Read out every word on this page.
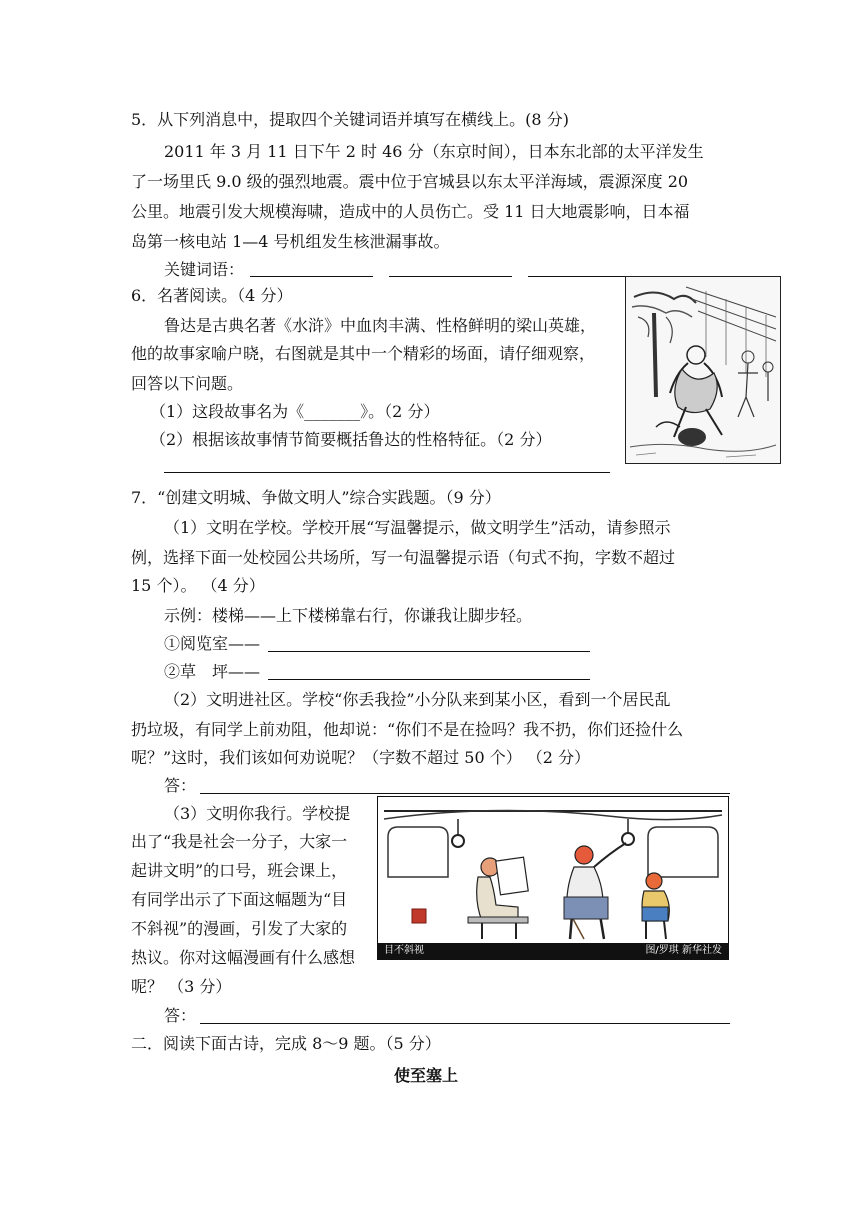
5．从下列消息中，提取四个关键词语并填写在横线上。(8 分)
2011 年 3 月 11 日下午 2 时 46 分（东京时间），日本东北部的太平洋发生
了一场里氏 9.0 级的强烈地震。震中位于宫城县以东太平洋海域，震源深度 20
公里。地震引发大规模海啸，造成中的人员伤亡。受 11 日大地震影响，日本福
岛第一核电站 1—4 号机组发生核泄漏事故。
关键词语：
6．名著阅读。（4 分）
鲁达是古典名著《水浒》中血肉丰满、性格鲜明的梁山英雄，
他的故事家喻户晓，右图就是其中一个精彩的场面，请仔细观察，
回答以下问题。
（1）这段故事名为《_______》。（2 分）
（2）根据该故事情节简要概括鲁达的性格特征。（2 分）
7．“创建文明城、争做文明人”综合实践题。（9 分）
（1）文明在学校。学校开展“写温馨提示，做文明学生”活动，请参照示
例，选择下面一处校园公共场所，写一句温馨提示语（句式不拘，字数不超过
15 个）。 （4 分）
示例：楼梯——上下楼梯靠右行，你谦我让脚步轻。
①阅览室——
②草　坪——
（2）文明进社区。学校“你丢我捡”小分队来到某小区，看到一个居民乱
扔垃圾，有同学上前劝阻，他却说：“你们不是在捡吗？我不扔，你们还捡什么
呢？”这时，我们该如何劝说呢？（字数不超过 50 个） （2 分）
答：
（3）文明你我行。学校提
出了“我是社会一分子，大家一
起讲文明”的口号，班会课上，
有同学出示了下面这幅题为“目
不斜视”的漫画，引发了大家的
热议。你对这幅漫画有什么感想
呢？ （3 分）
目不斜视	图/罗琪 新华社发
答：
二．阅读下面古诗，完成 8～9 题。（5 分）
使至塞上
